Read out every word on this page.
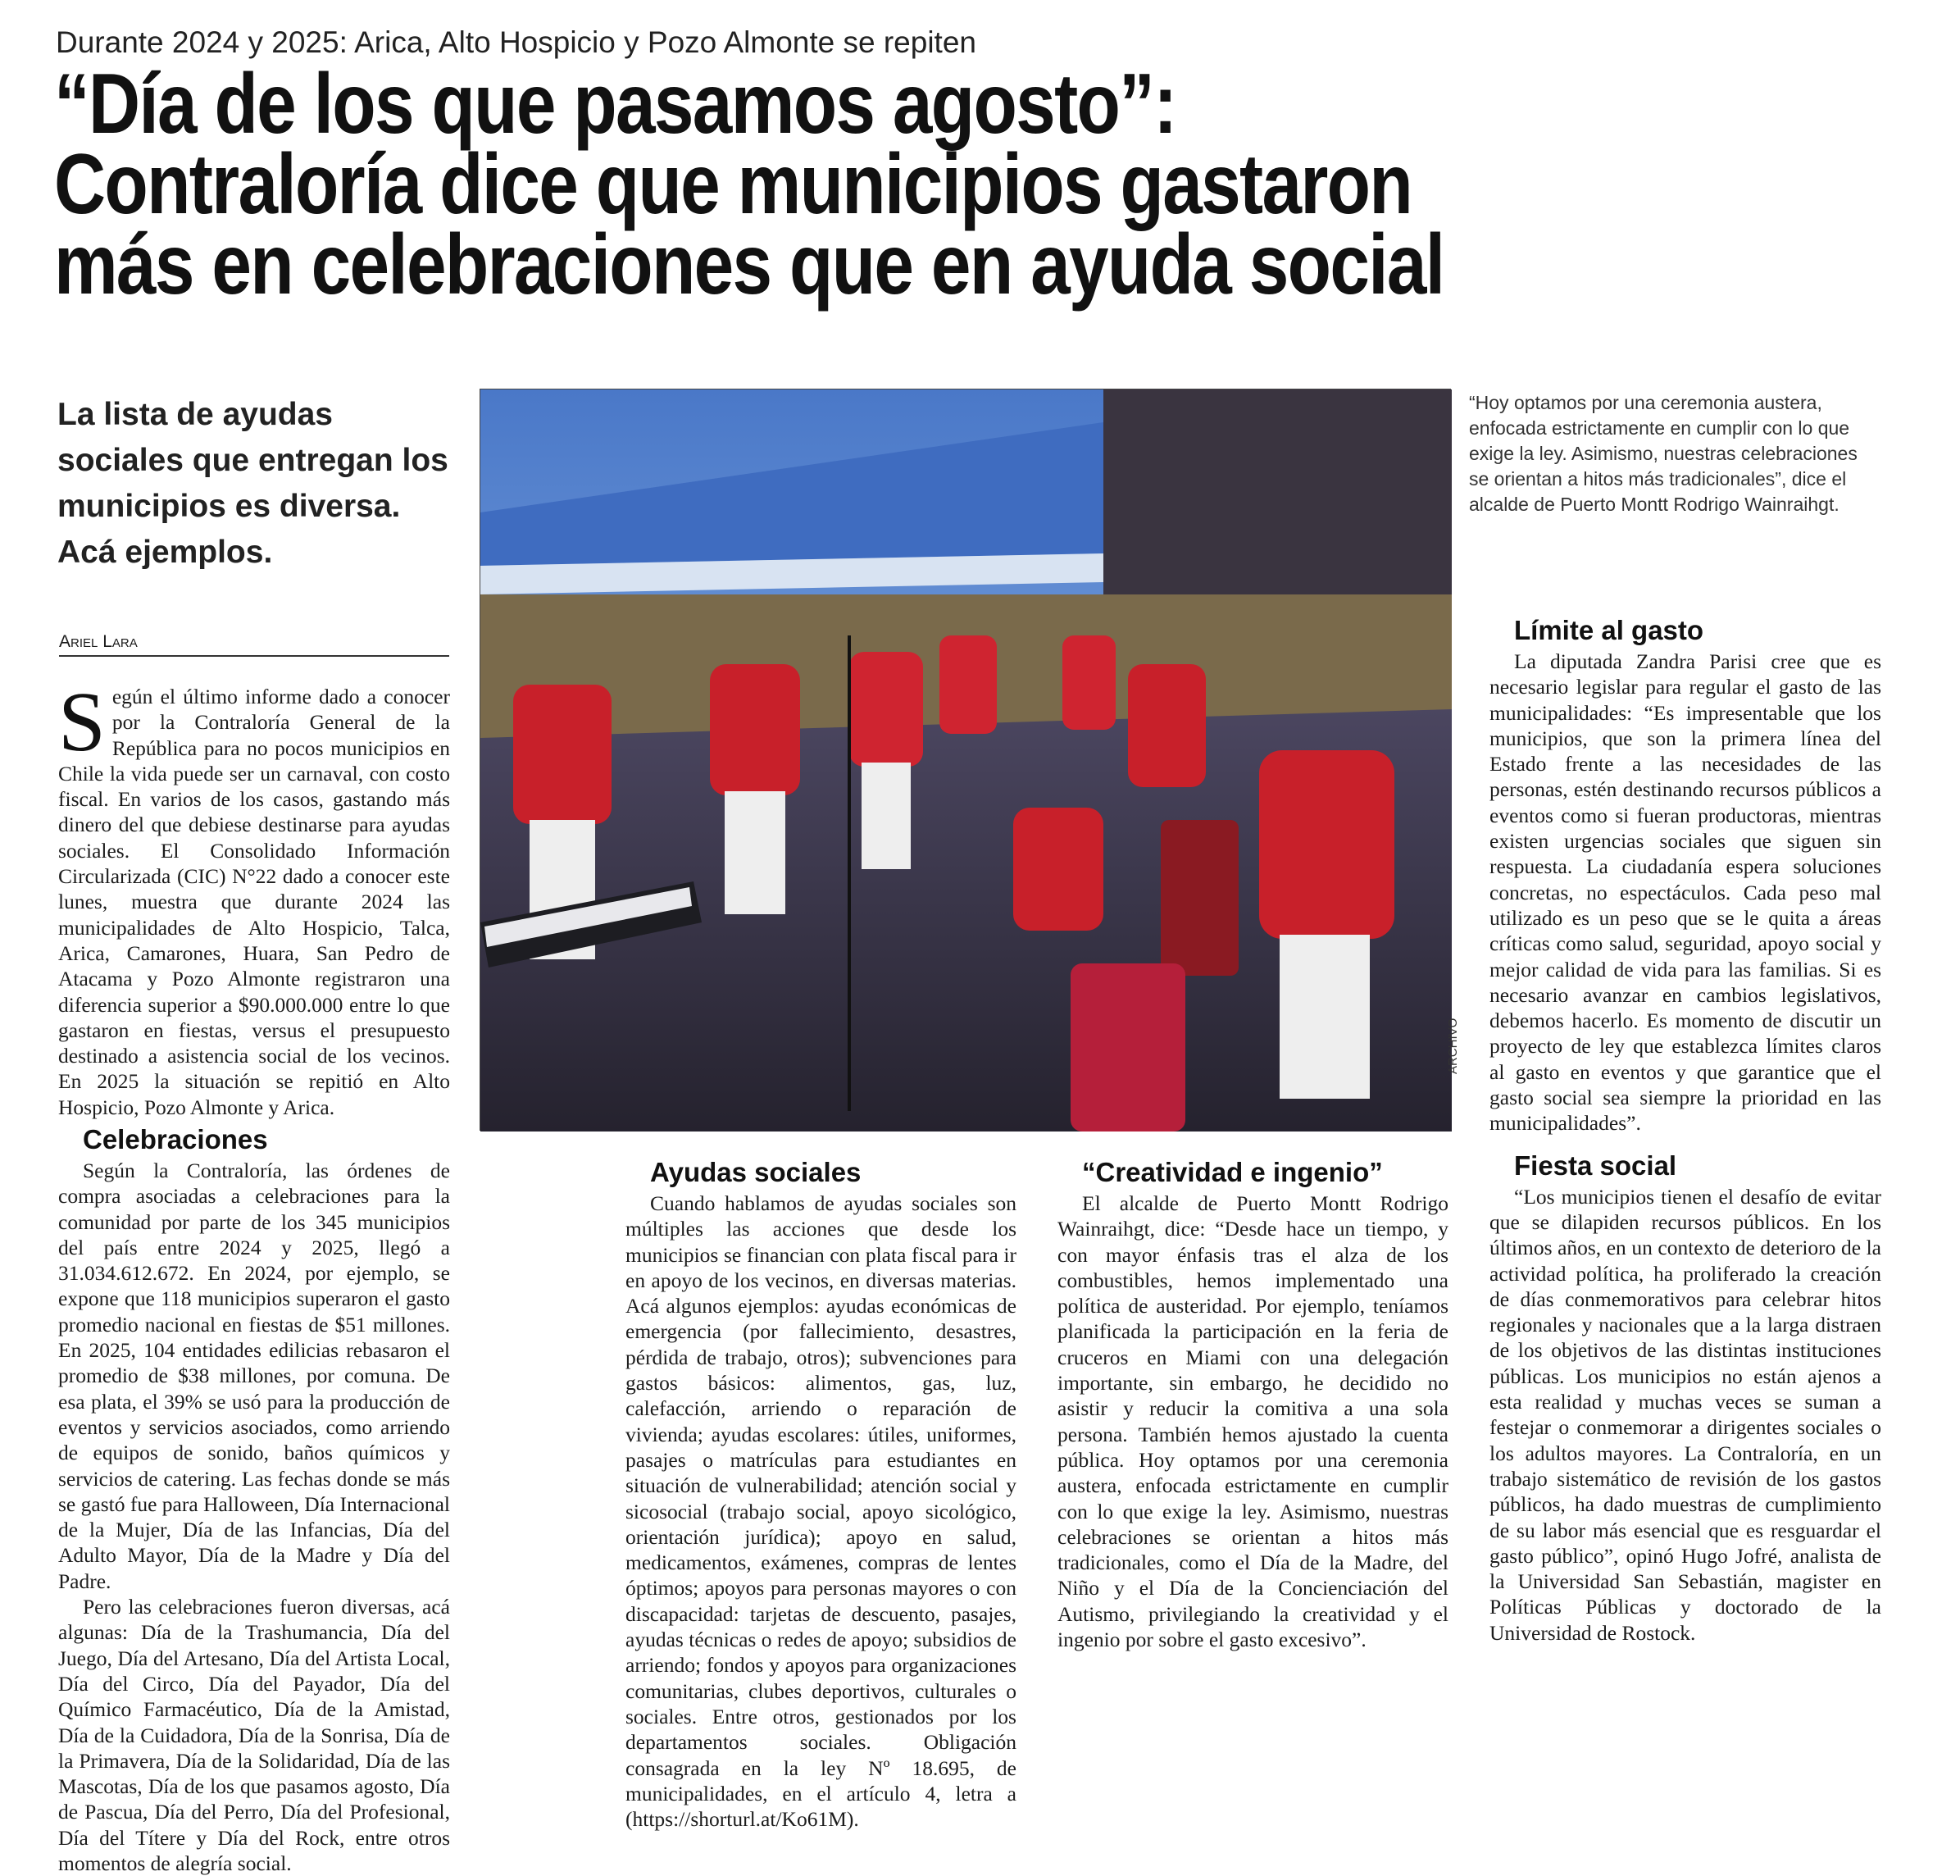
Durante 2024 y 2025: Arica, Alto Hospicio y Pozo Almonte se repiten
“Día de los que pasamos agosto”:
Contraloría dice que municipios gastaron
más en celebraciones que en ayuda social
La lista de ayudas sociales que entregan los municipios es diversa. Acá ejemplos.
Ariel Lara

Según el último informe dado a conocer por la Contraloría General de la República para no pocos municipios en Chile la vida puede ser un carnaval, con costo fiscal. En varios de los casos, gastando más dinero del que debiese destinarse para ayudas sociales. El Consolidado Información Circularizada (CIC) N°22 dado a conocer este lunes, muestra que durante 2024 las municipalidades de Alto Hospicio, Talca, Arica, Camarones, Huara, San Pedro de Atacama y Pozo Almonte registraron una diferencia superior a $90.000.000 entre lo que gastaron en fiestas, versus el presupuesto destinado a asistencia social de los vecinos. En 2025 la situación se repitió en Alto Hospicio, Pozo Almonte y Arica.

Celebraciones

Según la Contraloría, las órdenes de compra asociadas a celebraciones para la comunidad por parte de los 345 municipios del país entre 2024 y 2025, llegó a 31.034.612.672. En 2024, por ejemplo, se expone que 118 municipios superaron el gasto promedio nacional en fiestas de $51 millones. En 2025, 104 entidades edilicias rebasaron el promedio de $38 millones, por comuna. De esa plata, el 39% se usó para la producción de eventos y servicios asociados, como arriendo de equipos de sonido, baños químicos y servicios de catering. Las fechas donde se más se gastó fue para Halloween, Día Internacional de la Mujer, Día de las Infancias, Día del Adulto Mayor, Día de la Madre y Día del Padre.

Pero las celebraciones fueron diversas, acá algunas: Día de la Trashumancia, Día del Juego, Día del Artesano, Día del Artista Local, Día del Circo, Día del Payador, Día del Químico Farmacéutico, Día de la Amistad, Día de la Cuidadora, Día de la Sonrisa, Día de la Primavera, Día de la Solidaridad, Día de las Mascotas, Día de los que pasamos agosto, Día de Pascua, Día del Perro, Día del Profesional, Día del Títere y Día del Rock, entre otros momentos de alegría social.

ARCHIVO
“Hoy optamos por una ceremonia austera, enfocada estrictamente en cumplir con lo que exige la ley. Asimismo, nuestras celebraciones se orientan a hitos más tradicionales”, dice el alcalde de Puerto Montt Rodrigo Wainraihgt.
Ayudas sociales

Cuando hablamos de ayudas sociales son múltiples las acciones que desde los municipios se financian con plata fiscal para ir en apoyo de los vecinos, en diversas materias. Acá algunos ejemplos: ayudas económicas de emergencia (por fallecimiento, desastres, pérdida de trabajo, otros); subvenciones para gastos básicos: alimentos, gas, luz, calefacción, arriendo o reparación de vivienda; ayudas escolares: útiles, uniformes, pasajes o matrículas para estudiantes en situación de vulnerabilidad; atención social y sicosocial (trabajo social, apoyo sicológico, orientación jurídica); apoyo en salud, medicamentos, exámenes, compras de lentes óptimos; apoyos para personas mayores o con discapacidad: tarjetas de descuento, pasajes, ayudas técnicas o redes de apoyo; subsidios de arriendo; fondos y apoyos para organizaciones comunitarias, clubes deportivos, culturales o sociales. Entre otros, gestionados por los departamentos sociales. Obligación consagrada en la ley Nº 18.695, de municipalidades, en el artículo 4, letra a (https://shorturl.at/Ko61M).

“Creatividad e ingenio”

El alcalde de Puerto Montt Rodrigo Wainraihgt, dice: “Desde hace un tiempo, y con mayor énfasis tras el alza de los combustibles, hemos implementado una política de austeridad. Por ejemplo, teníamos planificada la participación en la feria de cruceros en Miami con una delegación importante, sin embargo, he decidido no asistir y reducir la comitiva a una sola persona. También hemos ajustado la cuenta pública. Hoy optamos por una ceremonia austera, enfocada estrictamente en cumplir con lo que exige la ley. Asimismo, nuestras celebraciones se orientan a hitos más tradicionales, como el Día de la Madre, del Niño y el Día de la Concienciación del Autismo, privilegiando la creatividad y el ingenio por sobre el gasto excesivo”.

Límite al gasto

La diputada Zandra Parisi cree que es necesario legislar para regular el gasto de las municipalidades: “Es impresentable que los municipios, que son la primera línea del Estado frente a las necesidades de las personas, estén destinando recursos públicos a eventos como si fueran productoras, mientras existen urgencias sociales que siguen sin respuesta. La ciudadanía espera soluciones concretas, no espectáculos. Cada peso mal utilizado es un peso que se le quita a áreas críticas como salud, seguridad, apoyo social y mejor calidad de vida para las familias. Si es necesario avanzar en cambios legislativos, debemos hacerlo. Es momento de discutir un proyecto de ley que establezca límites claros al gasto en eventos y que garantice que el gasto social sea siempre la prioridad en las municipalidades”.

Fiesta social

“Los municipios tienen el desafío de evitar que se dilapiden recursos públicos. En los últimos años, en un contexto de deterioro de la actividad política, ha proliferado la creación de días conmemorativos para celebrar hitos regionales y nacionales que a la larga distraen de los objetivos de las distintas instituciones públicas. Los municipios no están ajenos a esta realidad y muchas veces se suman a festejar o conmemorar a dirigentes sociales o los adultos mayores. La Contraloría, en un trabajo sistemático de revisión de los gastos públicos, ha dado muestras de cumplimiento de su labor más esencial que es resguardar el gasto público”, opinó Hugo Jofré, analista de la Universidad San Sebastián, magister en Políticas Públicas y doctorado de la Universidad de Rostock.
